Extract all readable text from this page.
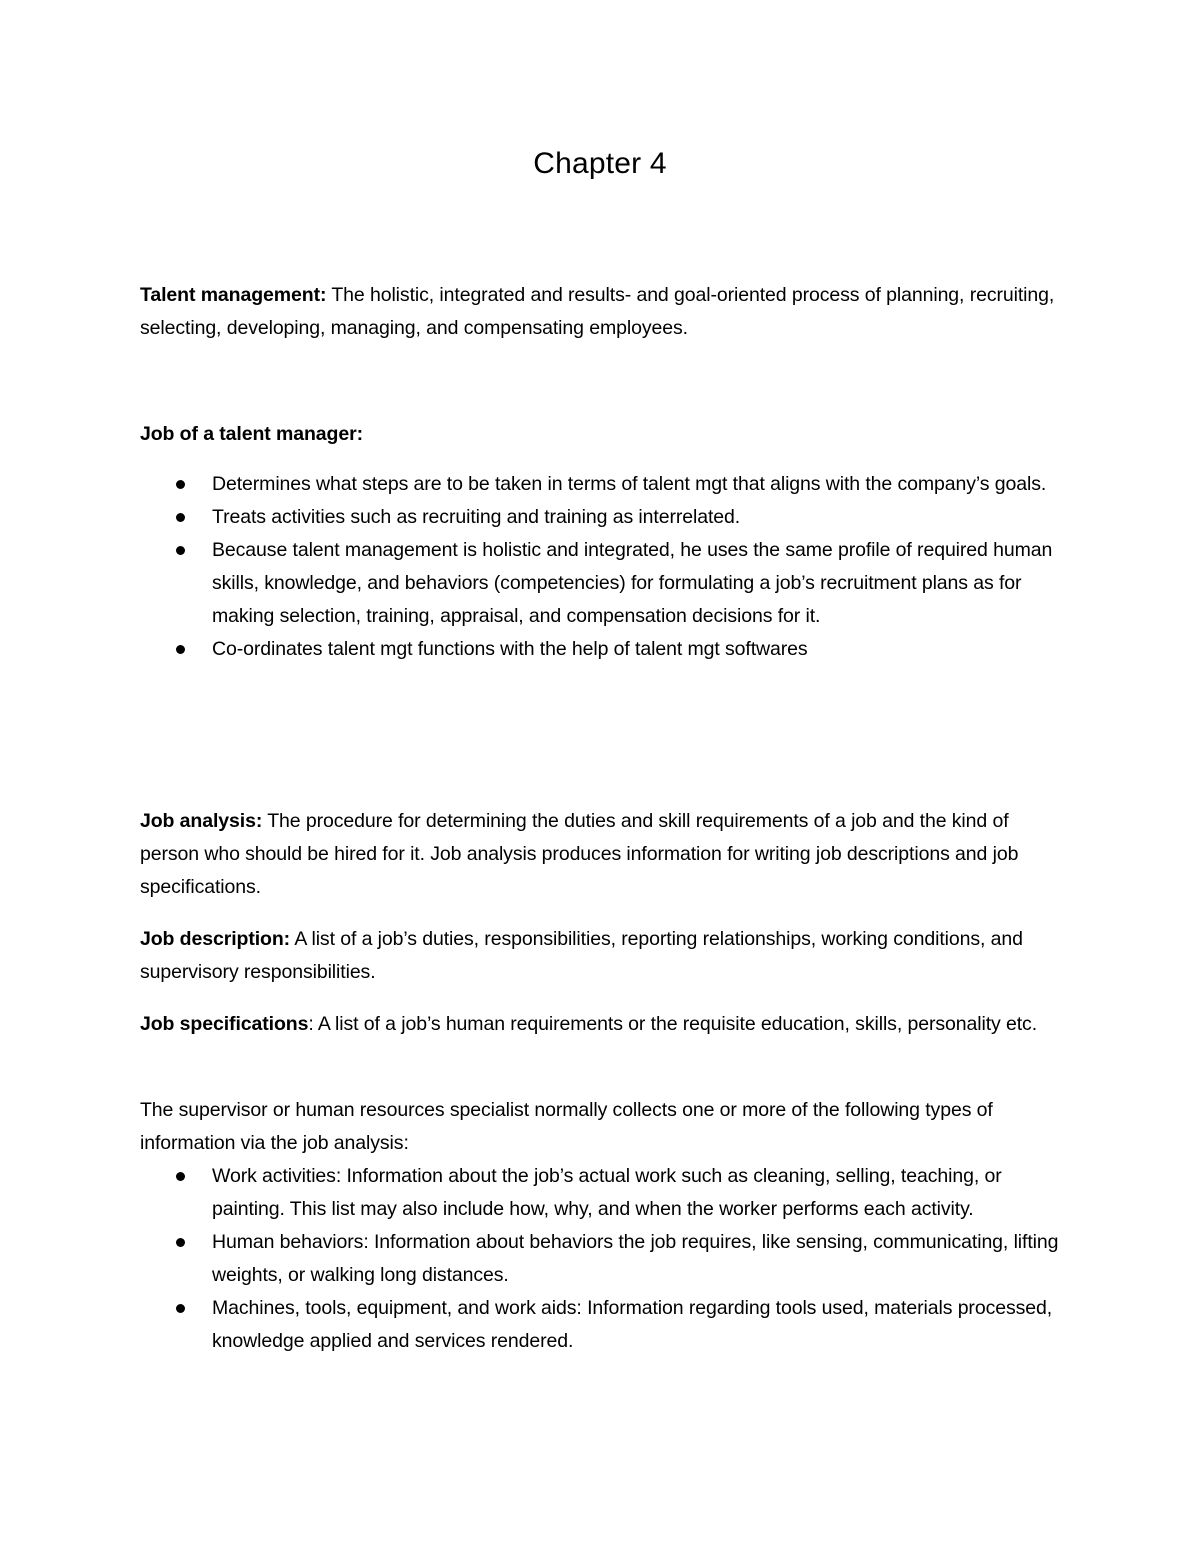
Chapter 4

Talent management: The holistic, integrated and results- and goal-oriented process of planning, recruiting, selecting, developing, managing, and compensating employees.

Job of a talent manager:

Determines what steps are to be taken in terms of talent mgt that aligns with the company’s goals.
Treats activities such as recruiting and training as interrelated.
Because talent management is holistic and integrated, he uses the same profile of required human skills, knowledge, and behaviors (competencies) for formulating a job’s recruitment plans as for making selection, training, appraisal, and compensation decisions for it.
Co-ordinates talent mgt functions with the help of talent mgt softwares

Job analysis: The procedure for determining the duties and skill requirements of a job and the kind of person who should be hired for it. Job analysis produces information for writing job descriptions and job specifications.

Job description: A list of a job’s duties, responsibilities, reporting relationships, working conditions, and supervisory responsibilities.

Job specifications: A list of a job’s human requirements or the requisite education, skills, personality etc.

The supervisor or human resources specialist normally collects one or more of the following types of information via the job analysis:

Work activities: Information about the job’s actual work such as cleaning, selling, teaching, or painting. This list may also include how, why, and when the worker performs each activity.
Human behaviors: Information about behaviors the job requires, like sensing, communicating, lifting weights, or walking long distances.
Machines, tools, equipment, and work aids: Information regarding tools used, materials processed, knowledge applied and services rendered.
